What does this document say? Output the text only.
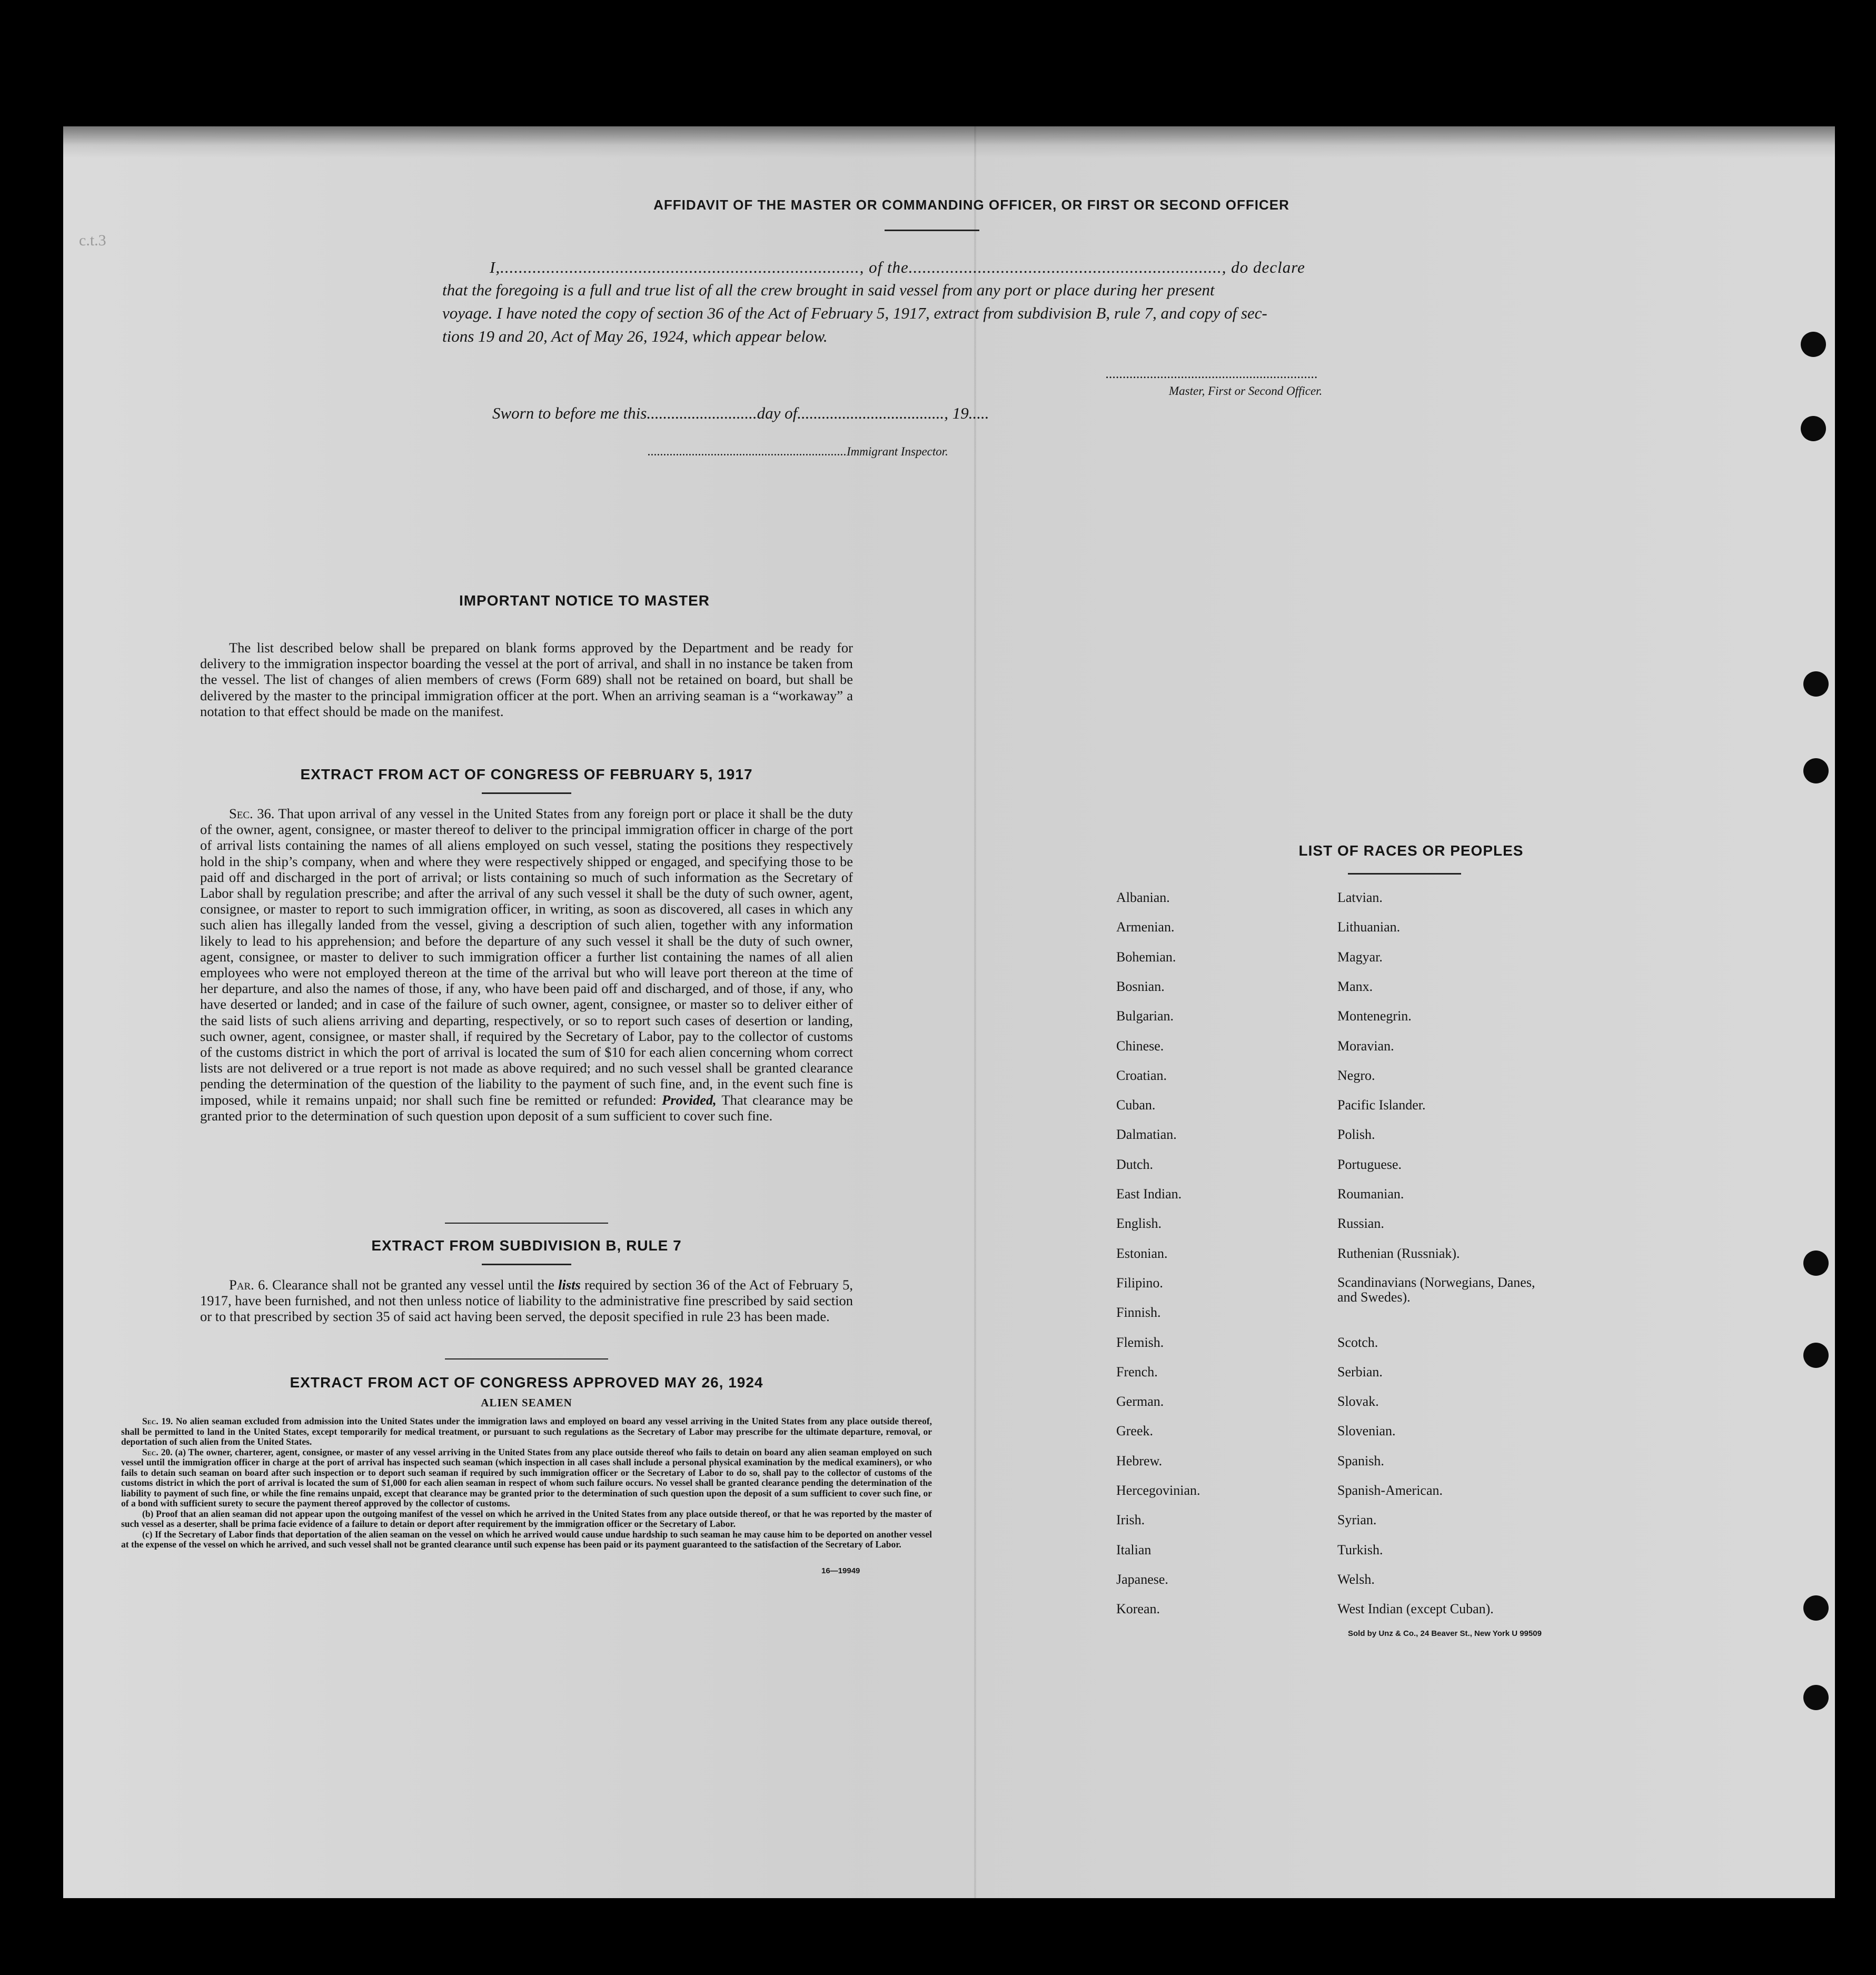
c.t.3
AFFIDAVIT OF THE MASTER OR COMMANDING OFFICER, OR FIRST OR SECOND OFFICER
I,.............................................................................., of the...................................................................., do declare
that the foregoing is a full and true list of all the crew brought in said vessel from any port or place during her present
voyage. I have noted the copy of section 36 of the Act of February 5, 1917, extract from subdivision B, rule 7, and copy of sec-
tions 19 and 20, Act of May 26, 1924, which appear below.
..............................................................
Master, First or Second Officer.
Sworn to before me this...........................day of...................................., 19.....
...............................................................Immigrant Inspector.
IMPORTANT NOTICE TO MASTER

The list described below shall be prepared on blank forms approved by the Department and be ready for delivery to the immigration inspector boarding the vessel at the port of arrival, and shall in no instance be taken from the vessel. The list of changes of alien members of crews (Form 689) shall not be retained on board, but shall be delivered by the master to the principal immigration officer at the port. When an arriving seaman is a “workaway” a notation to that effect should be made on the manifest.

EXTRACT FROM ACT OF CONGRESS OF FEBRUARY 5, 1917

Sec. 36. That upon arrival of any vessel in the United States from any foreign port or place it shall be the duty of the owner, agent, consignee, or master thereof to deliver to the principal immigration officer in charge of the port of arrival lists containing the names of all aliens employed on such vessel, stating the positions they respectively hold in the ship’s company, when and where they were respectively shipped or engaged, and specifying those to be paid off and discharged in the port of arrival; or lists containing so much of such information as the Secretary of Labor shall by regulation prescribe; and after the arrival of any such vessel it shall be the duty of such owner, agent, consignee, or master to report to such immigration officer, in writing, as soon as discovered, all cases in which any such alien has illegally landed from the vessel, giving a description of such alien, together with any information likely to lead to his apprehension; and before the departure of any such vessel it shall be the duty of such owner, agent, consignee, or master to deliver to such immigration officer a further list containing the names of all alien employees who were not employed thereon at the time of the arrival but who will leave port thereon at the time of her departure, and also the names of those, if any, who have been paid off and discharged, and of those, if any, who have deserted or landed; and in case of the failure of such owner, agent, consignee, or master so to deliver either of the said lists of such aliens arriving and departing, respectively, or so to report such cases of desertion or landing, such owner, agent, consignee, or master shall, if required by the Secretary of Labor, pay to the collector of customs of the customs district in which the port of arrival is located the sum of $10 for each alien concerning whom correct lists are not delivered or a true report is not made as above required; and no such vessel shall be granted clearance pending the determination of the question of the liability to the payment of such fine, and, in the event such fine is imposed, while it remains unpaid; nor shall such fine be remitted or refunded: Provided, That clearance may be granted prior to the determination of such question upon deposit of a sum sufficient to cover such fine.

EXTRACT FROM SUBDIVISION B, RULE 7

Par. 6. Clearance shall not be granted any vessel until the lists required by section 36 of the Act of February 5, 1917, have been furnished, and not then unless notice of liability to the administrative fine prescribed by said section or to that prescribed by section 35 of said act having been served, the deposit specified in rule 23 has been made.

EXTRACT FROM ACT OF CONGRESS APPROVED MAY 26, 1924
ALIEN SEAMEN

Sec. 19. No alien seaman excluded from admission into the United States under the immigration laws and employed on board any vessel arriving in the United States from any place outside thereof, shall be permitted to land in the United States, except temporarily for medical treatment, or pursuant to such regulations as the Secretary of Labor may prescribe for the ultimate departure, removal, or deportation of such alien from the United States.

Sec. 20. (a) The owner, charterer, agent, consignee, or master of any vessel arriving in the United States from any place outside thereof who fails to detain on board any alien seaman employed on such vessel until the immigration officer in charge at the port of arrival has inspected such seaman (which inspection in all cases shall include a personal physical examination by the medical examiners), or who fails to detain such seaman on board after such inspection or to deport such seaman if required by such immigration officer or the Secretary of Labor to do so, shall pay to the collector of customs of the customs district in which the port of arrival is located the sum of $1,000 for each alien seaman in respect of whom such failure occurs. No vessel shall be granted clearance pending the determination of the liability to payment of such fine, or while the fine remains unpaid, except that clearance may be granted prior to the determination of such question upon the deposit of a sum sufficient to cover such fine, or of a bond with sufficient surety to secure the payment thereof approved by the collector of customs.

(b) Proof that an alien seaman did not appear upon the outgoing manifest of the vessel on which he arrived in the United States from any place outside thereof, or that he was reported by the master of such vessel as a deserter, shall be prima facie evidence of a failure to detain or deport after requirement by the immigration officer or the Secretary of Labor.

(c) If the Secretary of Labor finds that deportation of the alien seaman on the vessel on which he arrived would cause undue hardship to such seaman he may cause him to be deported on another vessel at the expense of the vessel on which he arrived, and such vessel shall not be granted clearance until such expense has been paid or its payment guaranteed to the satisfaction of the Secretary of Labor.

16—19949
LIST OF RACES OR PEOPLES
Sold by Unz & Co., 24 Beaver St., New York U 99509
Albanian.
Armenian.
Bohemian.
Bosnian.
Bulgarian.
Chinese.
Croatian.
Cuban.
Dalmatian.
Dutch.
East Indian.
English.
Estonian.
Filipino.
Finnish.
Flemish.
French.
German.
Greek.
Hebrew.
Hercegovinian.
Irish.
Italian
Japanese.
Korean.
Latvian.
Lithuanian.
Magyar.
Manx.
Montenegrin.
Moravian.
Negro.
Pacific Islander.
Polish.
Portuguese.
Roumanian.
Russian.
Ruthenian (Russniak).
Scandinavians (Norwegians, Danes, and Swedes).
Scotch.
Serbian.
Slovak.
Slovenian.
Spanish.
Spanish-American.
Syrian.
Turkish.
Welsh.
West Indian (except Cuban).
